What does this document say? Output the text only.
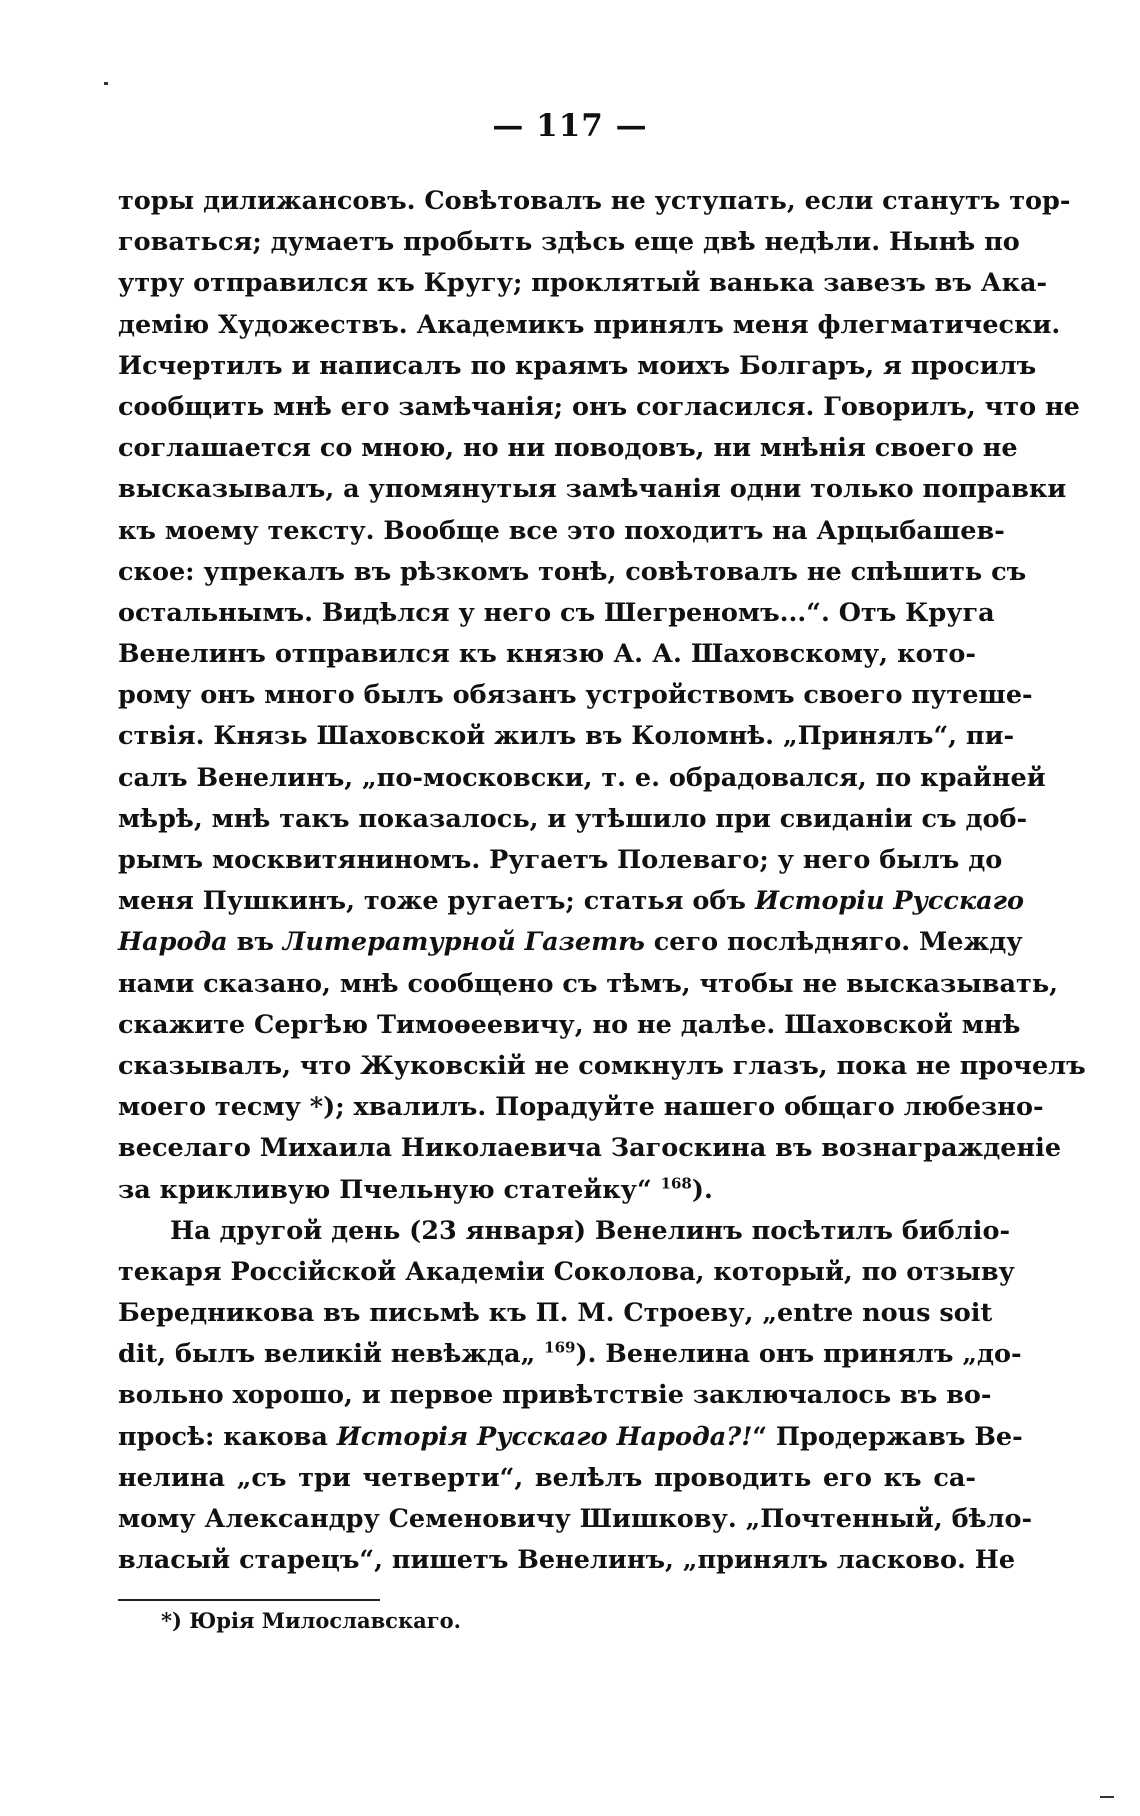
— 117 —
торы дилижансовъ. Совѣтовалъ не уступать, если станутъ тор-
говаться; думаетъ пробыть здѣсь еще двѣ недѣли. Нынѣ по
утру отправился къ Кругу; проклятый ванька завезъ въ Ака-
демію Художествъ. Академикъ принялъ меня флегматически.
Исчертилъ и написалъ по краямъ моихъ Болгаръ, я просилъ
сообщить мнѣ его замѣчанія; онъ согласился. Говорилъ, что не
соглашается со мною, но ни поводовъ, ни мнѣнія своего не
высказывалъ, а упомянутыя замѣчанія одни только поправки
къ моему тексту. Вообще все это походитъ на Арцыбашев-
ское: упрекалъ въ рѣзкомъ тонѣ, совѣтовалъ не спѣшить съ
остальнымъ. Видѣлся у него съ Шегреномъ...“. Отъ Круга
Венелинъ отправился къ князю А. А. Шаховскому, кото-
рому онъ много былъ обязанъ устройствомъ своего путеше-
ствія. Князь Шаховской жилъ въ Коломнѣ. „Принялъ“, пи-
салъ Венелинъ, „по-московски, т. е. обрадовался, по крайней
мѣрѣ, мнѣ такъ показалось, и утѣшило при свиданіи съ доб-
рымъ москвитяниномъ. Ругаетъ Полеваго; у него былъ до
меня Пушкинъ, тоже ругаетъ; статья объ Исторіи Русскаго
Народа въ Литературной Газетѣ сего послѣдняго. Между
нами сказано, мнѣ сообщено съ тѣмъ, чтобы не высказывать,
скажите Сергѣю Тимоѳеевичу, но не далѣе. Шаховской мнѣ
сказывалъ, что Жуковскій не сомкнулъ глазъ, пока не прочелъ
моего тесму *); хвалилъ. Порадуйте нашего общаго любезно-
веселаго Михаила Николаевича Загоскина въ вознагражденіе
за крикливую Пчельную статейку“ $^{168}$).
На другой день (23 января) Венелинъ посѣтилъ библіо-
текаря Россійской Академіи Соколова, который, по отзыву
Бередникова въ письмѣ къ П. М. Строеву, „entre nous soit
dit, былъ великій невѣжда„ $^{169}$). Венелина онъ принялъ „до-
вольно хорошо, и первое привѣтствіе заключалось въ во-
просѣ: какова Исторія Русскаго Народа?!“ Продержавъ Ве-
нелина „съ три четверти“, велѣлъ проводить его къ са-
мому Александру Семеновичу Шишкову. „Почтенный, бѣло-
власый старецъ“, пишетъ Венелинъ, „принялъ ласково. Не
*) Юрія Милославскаго.
